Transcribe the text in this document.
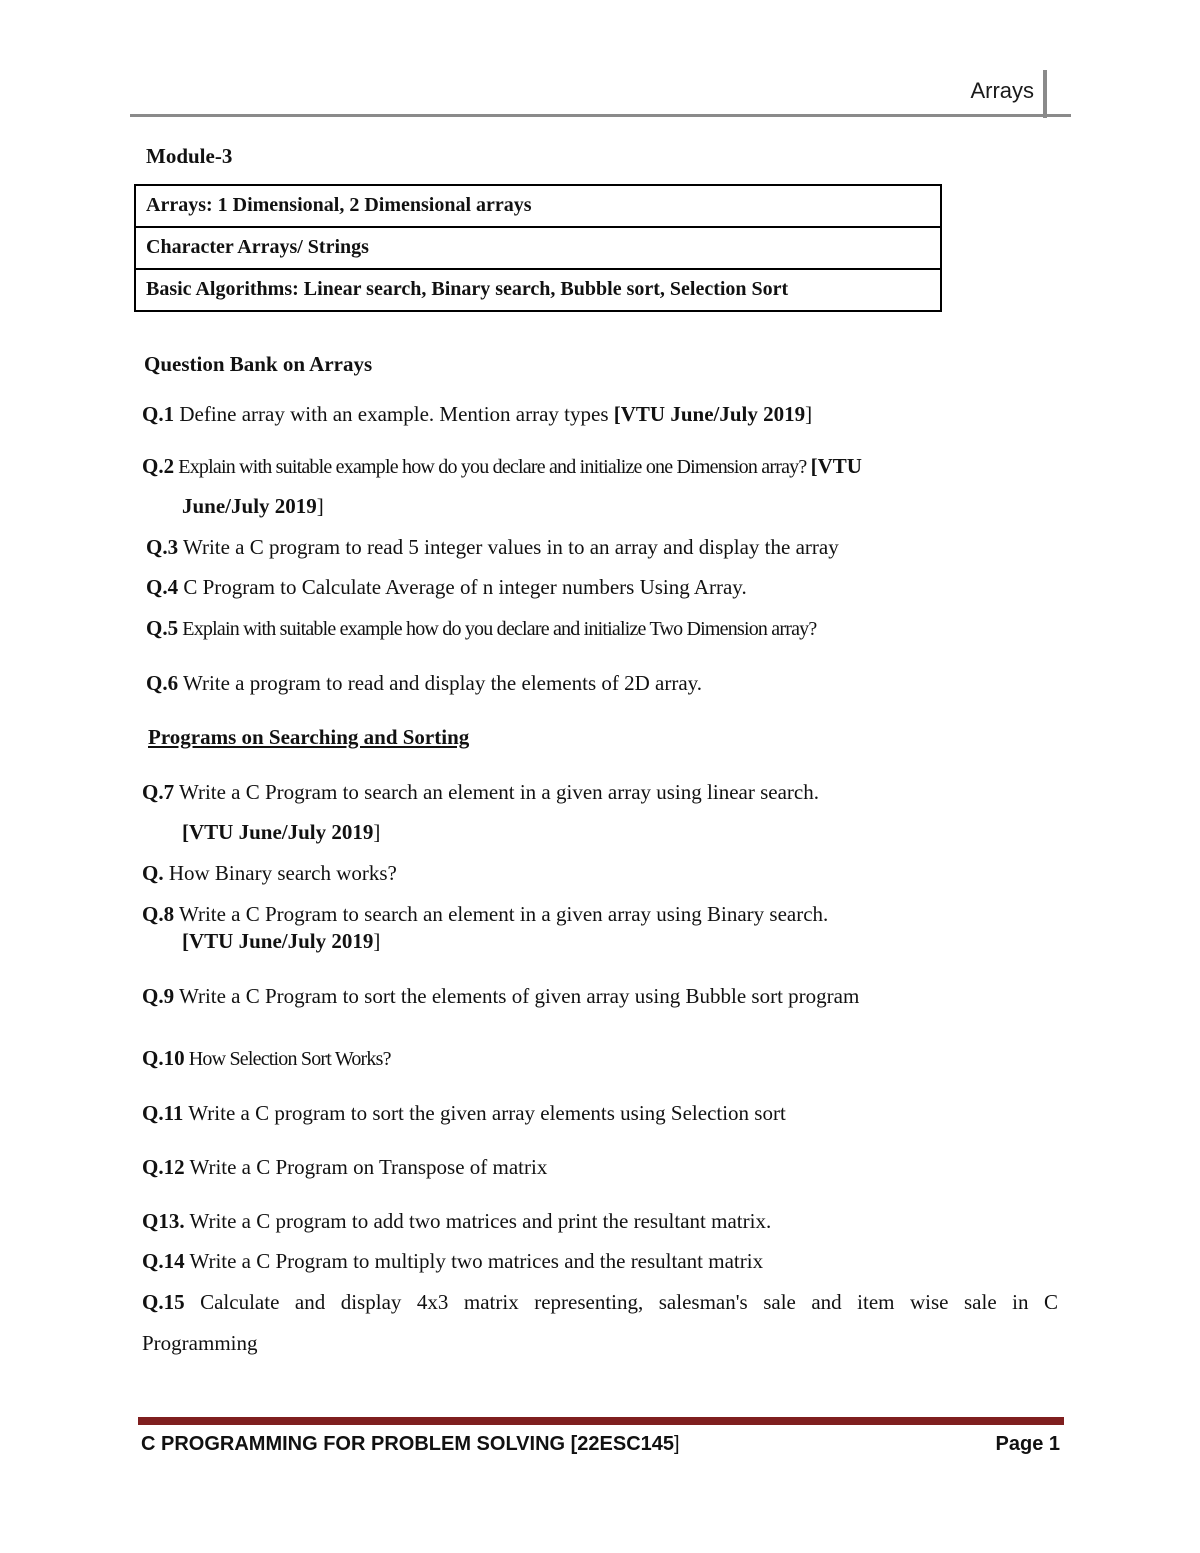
Arrays
Module-3
Arrays: 1 Dimensional, 2 Dimensional arrays
Character Arrays/ Strings
Basic Algorithms: Linear search, Binary search, Bubble sort, Selection Sort
Question Bank on Arrays
Q.1 Define array with an example. Mention array types [VTU June/July 2019]
Q.2 Explain with suitable example how do you declare and initialize one Dimension array? [VTU
June/July 2019]
Q.3 Write a C program to read 5 integer values in to an array and display the array
Q.4 C Program to Calculate Average of n integer numbers Using Array.
Q.5 Explain with suitable example how do you declare and initialize Two Dimension array?
Q.6 Write a program to read and display the elements of 2D array.
Programs on Searching and Sorting
Q.7 Write a C Program to search an element in a given array using linear search.
[VTU June/July 2019]
Q. How Binary search works?
Q.8 Write a C Program to search an element in a given array using Binary search.
[VTU June/July 2019]
Q.9 Write a C Program to sort the elements of given array using Bubble sort program
Q.10 How Selection Sort Works?
Q.11 Write a C program to sort the given array elements using Selection sort
Q.12 Write a C Program on Transpose of matrix
Q13. Write a C program to add two matrices and print the resultant matrix.
Q.14 Write a C Program to multiply two matrices and the resultant matrix
Q.15 Calculate and display 4x3 matrix representing, salesman's sale and item wise sale in C
Programming
C PROGRAMMING FOR PROBLEM SOLVING [22ESC145]	Page 1
